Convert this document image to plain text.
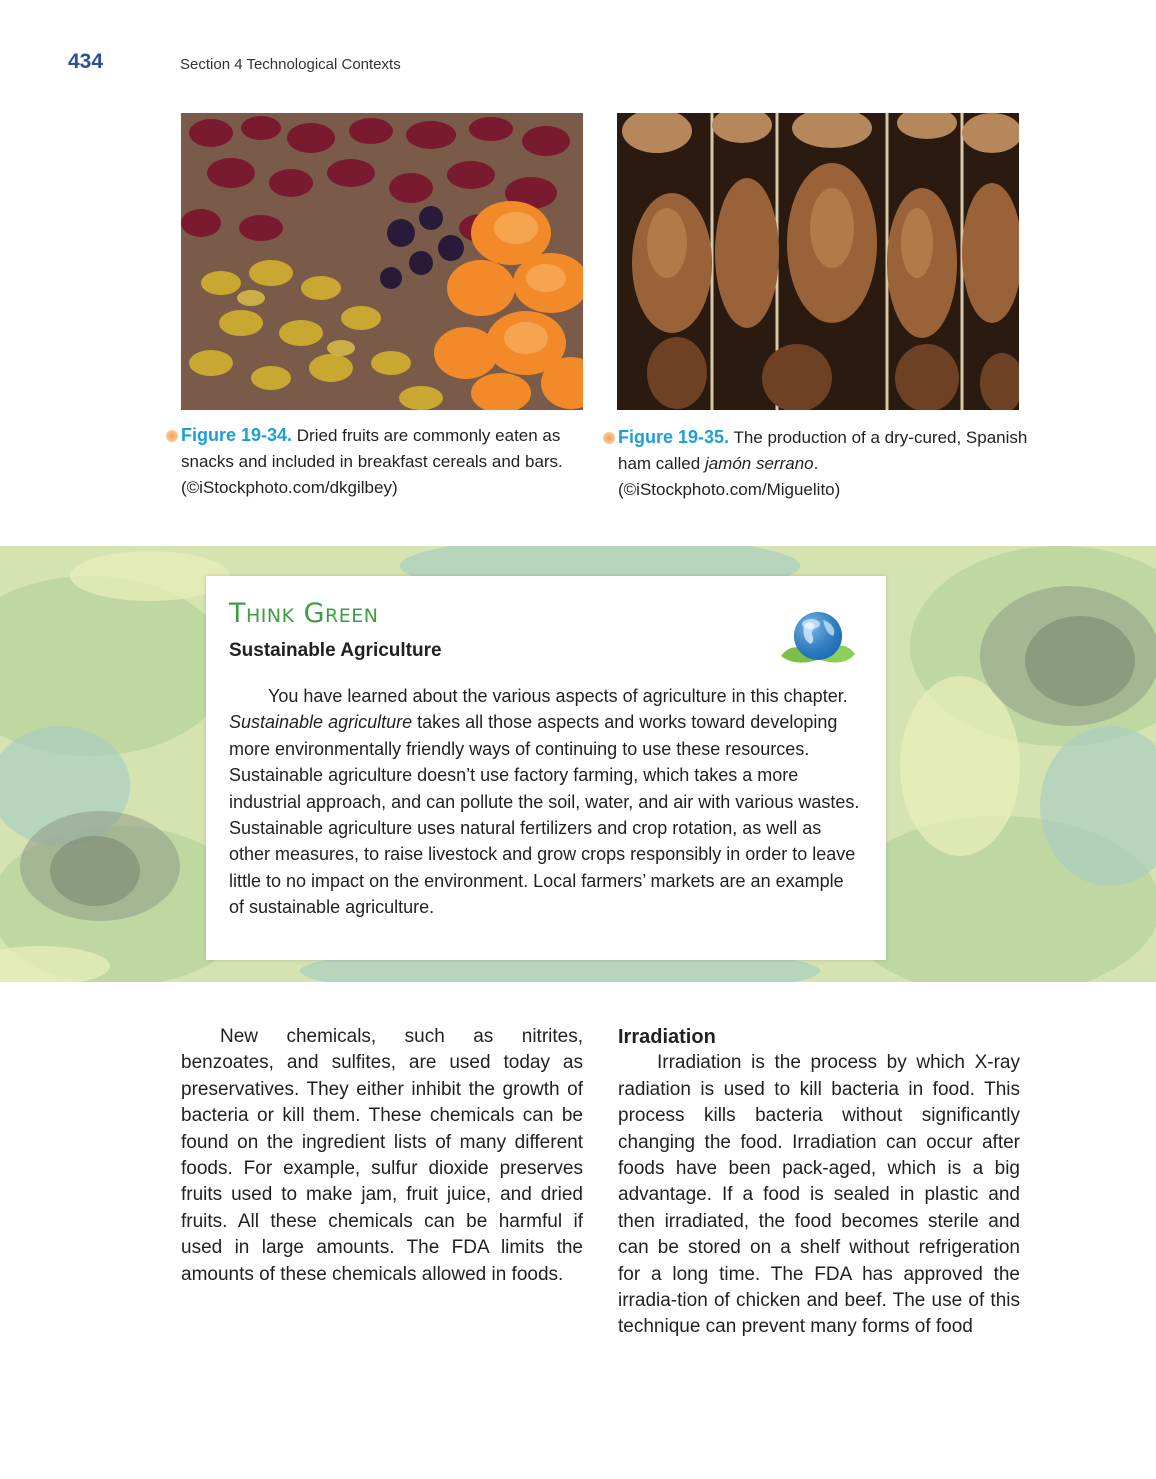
434	Section 4 Technological Contexts
Figure 19-34. Dried fruits are commonly eaten as snacks and included in breakfast cereals and bars. (©iStockphoto.com/dkgilbey)
Figure 19-35. The production of a dry-cured, Spanish ham called jamón serrano. (©iStockphoto.com/Miguelito)
Think Green
Sustainable Agriculture
You have learned about the various aspects of agriculture in this chapter. Sustainable agriculture takes all those aspects and works toward developing more environmentally friendly ways of continuing to use these resources. Sustainable agriculture doesn’t use factory farming, which takes a more industrial approach, and can pollute the soil, water, and air with various wastes. Sustainable agriculture uses natural fertilizers and crop rotation, as well as other measures, to raise livestock and grow crops responsibly in order to leave little to no impact on the environment. Local farmers’ markets are an example of sustainable agriculture.
New chemicals, such as nitrites, benzoates, and sulfites, are used today as preservatives. They either inhibit the growth of bacteria or kill them. These chemicals can be found on the ingredient lists of many different foods. For example, sulfur dioxide preserves fruits used to make jam, fruit juice, and dried fruits. All these chemicals can be harmful if used in large amounts. The FDA limits the amounts of these chemicals allowed in foods.
Irradiation
Irradiation is the process by which X-ray radiation is used to kill bacteria in food. This process kills bacteria without significantly changing the food. Irradiation can occur after foods have been pack-aged, which is a big advantage. If a food is sealed in plastic and then irradiated, the food becomes sterile and can be stored on a shelf without refrigeration for a long time. The FDA has approved the irradia-tion of chicken and beef. The use of this technique can prevent many forms of food
